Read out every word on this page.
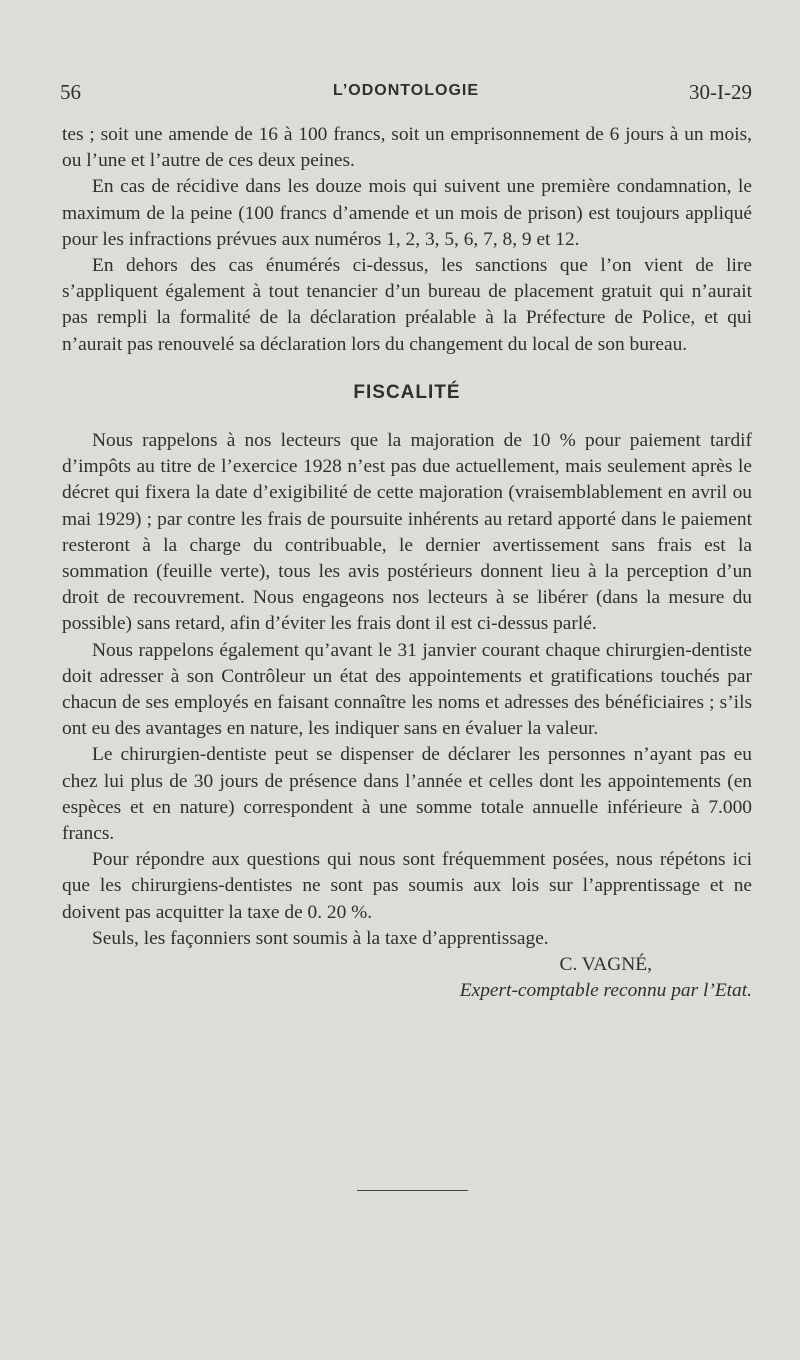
56	L’ODONTOLOGIE	30-I-29

tes ; soit une amende de 16 à 100 francs, soit un emprisonnement de 6 jours à un mois, ou l’une et l’autre de ces deux peines.

En cas de récidive dans les douze mois qui suivent une première condamnation, le maximum de la peine (100 francs d’amende et un mois de prison) est toujours appliqué pour les infractions prévues aux numéros 1, 2, 3, 5, 6, 7, 8, 9 et 12.

En dehors des cas énumérés ci-dessus, les sanctions que l’on vient de lire s’appliquent également à tout tenancier d’un bureau de placement gratuit qui n’aurait pas rempli la formalité de la déclaration préalable à la Préfecture de Police, et qui n’aurait pas renouvelé sa déclaration lors du changement du local de son bureau.

FISCALITÉ

Nous rappelons à nos lecteurs que la majoration de 10 % pour paiement tardif d’impôts au titre de l’exercice 1928 n’est pas due actuellement, mais seulement après le décret qui fixera la date d’exigibilité de cette majoration (vraisemblablement en avril ou mai 1929) ; par contre les frais de poursuite inhérents au retard apporté dans le paiement resteront à la charge du contribuable, le dernier avertissement sans frais est la sommation (feuille verte), tous les avis postérieurs donnent lieu à la perception d’un droit de recouvrement. Nous engageons nos lecteurs à se libérer (dans la mesure du possible) sans retard, afin d’éviter les frais dont il est ci-dessus parlé.

Nous rappelons également qu’avant le 31 janvier courant chaque chirurgien-dentiste doit adresser à son Contrôleur un état des appointements et gratifications touchés par chacun de ses employés en faisant connaître les noms et adresses des bénéficiaires ; s’ils ont eu des avantages en nature, les indiquer sans en évaluer la valeur.

Le chirurgien-dentiste peut se dispenser de déclarer les personnes n’ayant pas eu chez lui plus de 30 jours de présence dans l’année et celles dont les appointements (en espèces et en nature) correspondent à une somme totale annuelle inférieure à 7.000 francs.

Pour répondre aux questions qui nous sont fréquemment posées, nous répétons ici que les chirurgiens-dentistes ne sont pas soumis aux lois sur l’apprentissage et ne doivent pas acquitter la taxe de 0. 20 %.

Seuls, les façonniers sont soumis à la taxe d’apprentissage.

C. VAGNÉ,
Expert-comptable reconnu par l’Etat.
